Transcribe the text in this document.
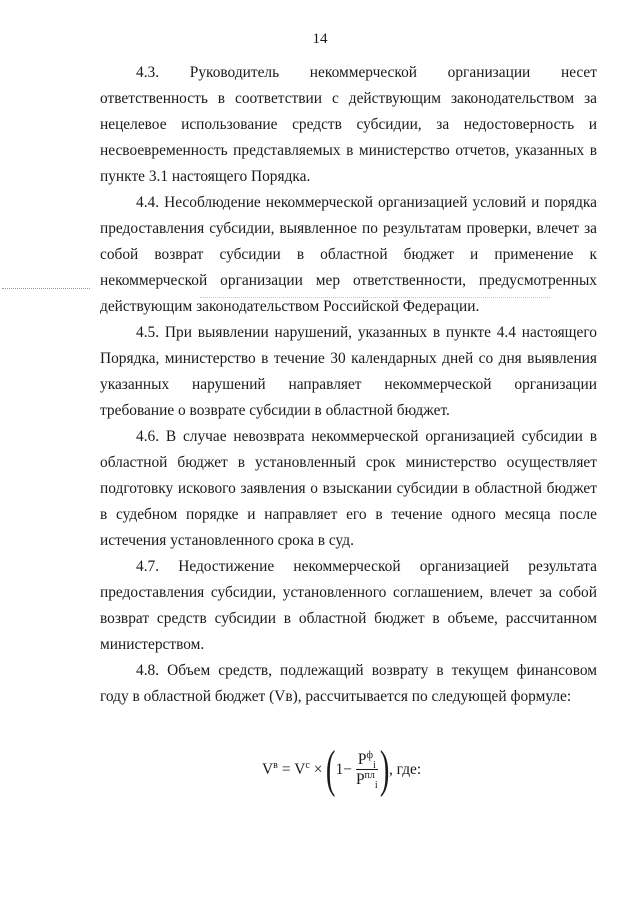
14

4.3. Руководитель некоммерческой организации несет ответственность в соответствии с действующим законодательством за нецелевое использование средств субсидии, за недостоверность и несвоевременность представляемых в министерство отчетов, указанных в пункте 3.1 настоящего Порядка.

4.4. Несоблюдение некоммерческой организацией условий и порядка предоставления субсидии, выявленное по результатам проверки, влечет за собой возврат субсидии в областной бюджет и применение к некоммерческой организации мер ответственности, предусмотренных действующим законодательством Российской Федерации.

4.5. При выявлении нарушений, указанных в пункте 4.4 настоящего Порядка, министерство в течение 30 календарных дней со дня выявления указанных нарушений направляет некоммерческой организации требование о возврате субсидии в областной бюджет.

4.6. В случае невозврата некоммерческой организацией субсидии в областной бюджет в установленный срок министерство осуществляет подготовку искового заявления о взыскании субсидии в областной бюджет в судебном порядке и направляет его в течение одного месяца после истечения установленного срока в суд.

4.7. Недостижение некоммерческой организацией результата предоставления субсидии, установленного соглашением, влечет за собой возврат средств субсидии в областной бюджет в объеме, рассчитанном министерством.

4.8. Объем средств, подлежащий возврату в текущем финансовом году в областной бюджет (Vв), рассчитывается по следующей формуле:

$V^в$
=
$V^с$
×
( $1- \frac{P^ф_i}{P^{пл}_i}$ ) , где:
